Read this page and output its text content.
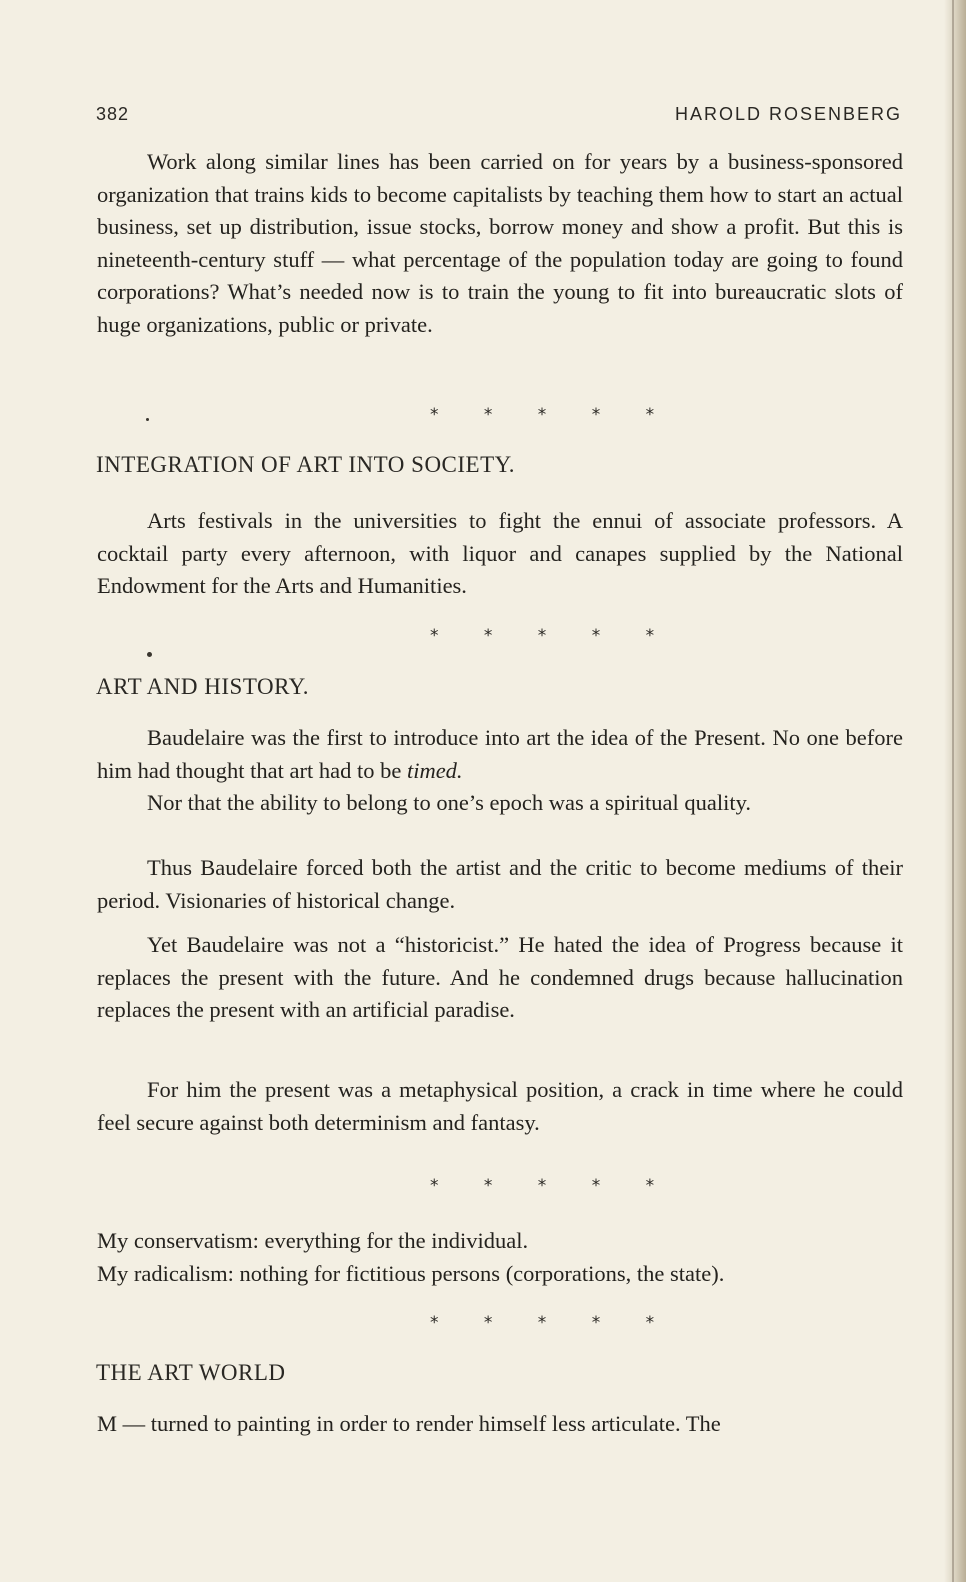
382	HAROLD ROSENBERG

Work along similar lines has been carried on for years by a business-sponsored organization that trains kids to become capitalists by teaching them how to start an actual business, set up distribution, issue stocks, borrow money and show a profit. But this is nineteenth-century stuff — what percentage of the population today are going to found corporations? What’s needed now is to train the young to fit into bureaucratic slots of huge organizations, public or private.

* * * * *
INTEGRATION OF ART INTO SOCIETY.

Arts festivals in the universities to fight the ennui of associate professors. A cocktail party every afternoon, with liquor and canapes supplied by the National Endowment for the Arts and Humanities.

* * * * *
ART AND HISTORY.

Baudelaire was the first to introduce into art the idea of the Present. No one before him had thought that art had to be timed.

Nor that the ability to belong to one’s epoch was a spiritual quality.

Thus Baudelaire forced both the artist and the critic to become mediums of their period. Visionaries of historical change.

Yet Baudelaire was not a “historicist.” He hated the idea of Progress because it replaces the present with the future. And he condemned drugs because hallucination replaces the present with an artificial paradise.

For him the present was a metaphysical position, a crack in time where he could feel secure against both determinism and fantasy.

* * * * *

My conservatism: everything for the individual.

My radicalism: nothing for fictitious persons (corporations, the state).

* * * * *
THE ART WORLD

M — turned to painting in order to render himself less articulate. The
